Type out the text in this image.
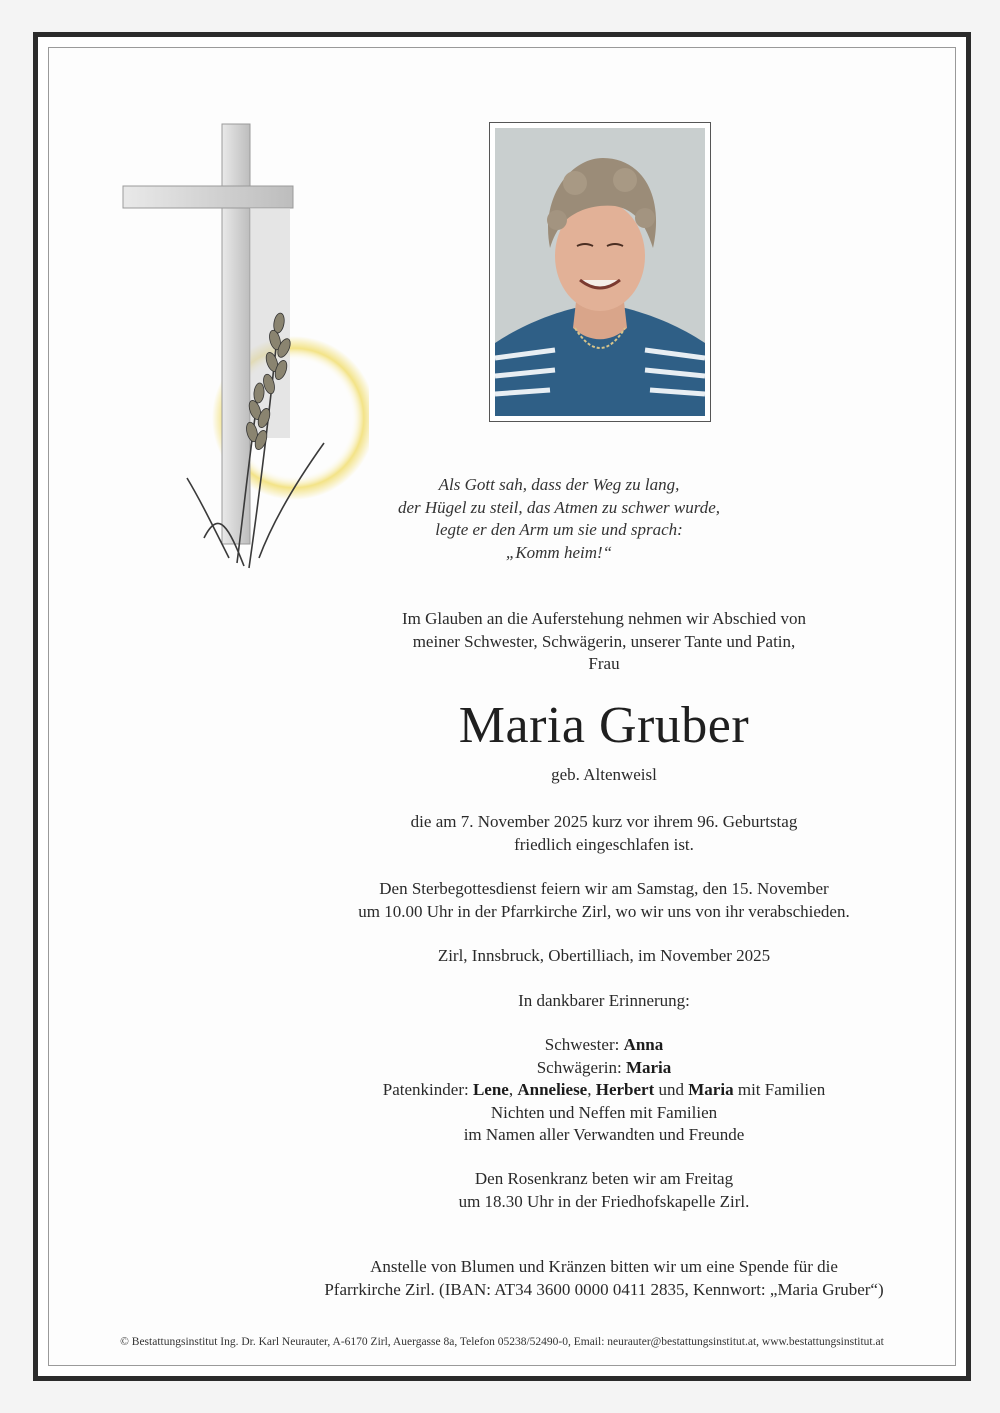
Als Gott sah, dass der Weg zu lang,
der Hügel zu steil, das Atmen zu schwer wurde,
legte er den Arm um sie und sprach:
„Komm heim!“
Im Glauben an die Auferstehung nehmen wir Abschied von
meiner Schwester, Schwägerin, unserer Tante und Patin,
Frau
Maria Gruber
geb. Altenweisl
die am 7. November 2025 kurz vor ihrem 96. Geburtstag
friedlich eingeschlafen ist.
Den Sterbegottesdienst feiern wir am Samstag, den 15. November
um 10.00 Uhr in der Pfarrkirche Zirl, wo wir uns von ihr verabschieden.
Zirl, Innsbruck, Obertilliach, im November 2025
In dankbarer Erinnerung:
Schwester: Anna
Schwägerin: Maria
Patenkinder: Lene, Anneliese, Herbert und Maria mit Familien
Nichten und Neffen mit Familien
im Namen aller Verwandten und Freunde
Den Rosenkranz beten wir am Freitag
um 18.30 Uhr in der Friedhofskapelle Zirl.
Anstelle von Blumen und Kränzen bitten wir um eine Spende für die
Pfarrkirche Zirl. (IBAN: AT34 3600 0000 0411 2835, Kennwort: „Maria Gruber“)
© Bestattungsinstitut Ing. Dr. Karl Neurauter, A-6170 Zirl, Auergasse 8a, Telefon 05238/52490-0, Email: neurauter@bestattungsinstitut.at, www.bestattungsinstitut.at
